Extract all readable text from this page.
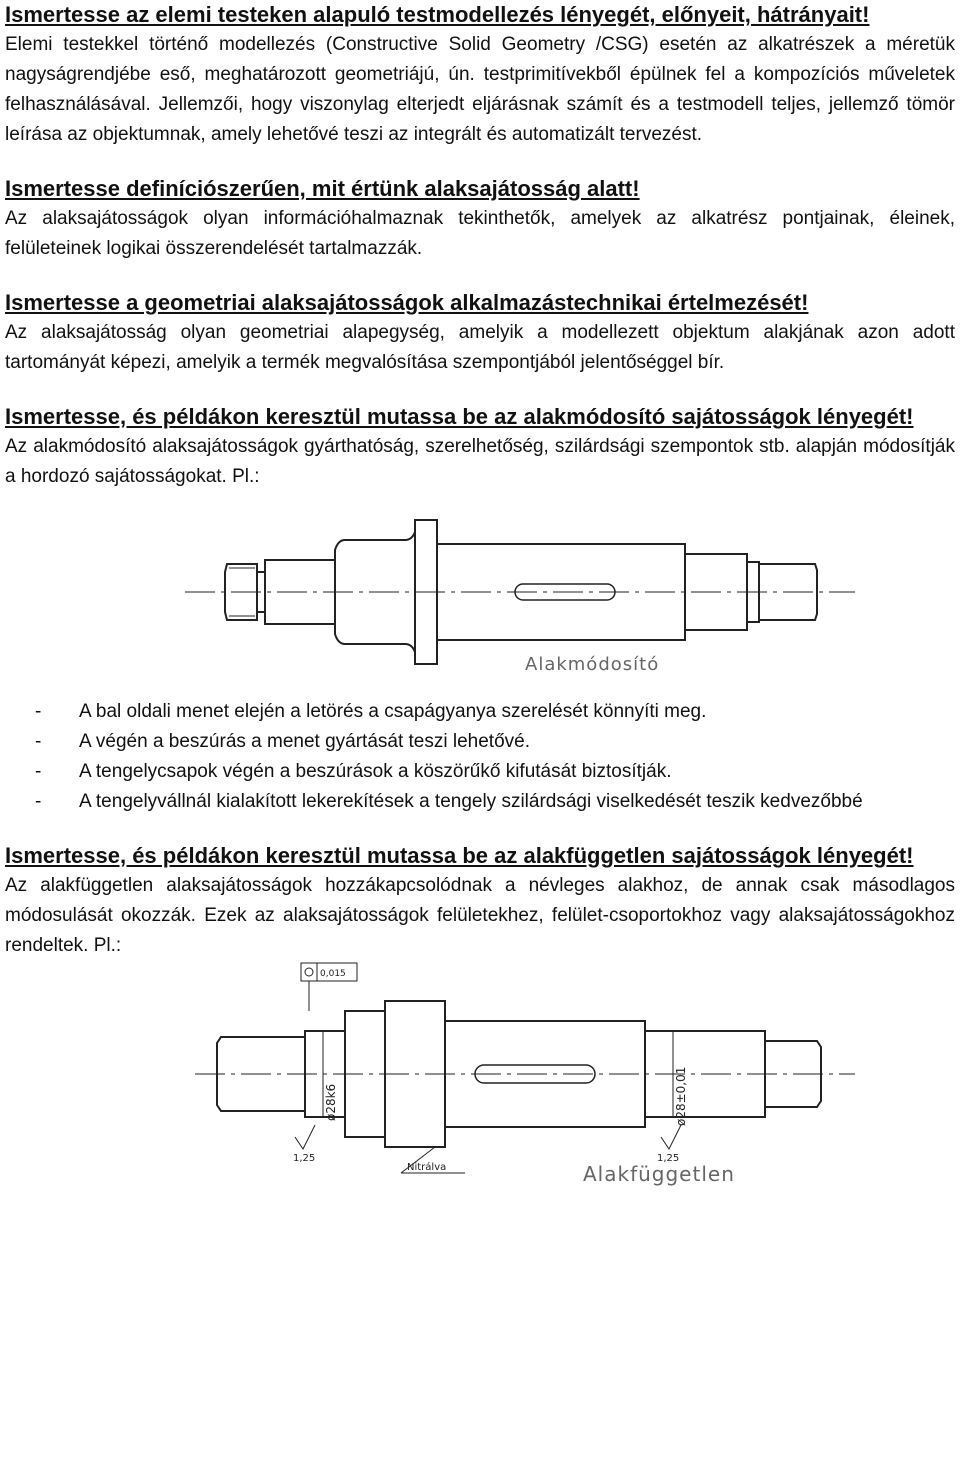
Ismertesse az elemi testeken alapuló testmodellezés lényegét, előnyeit, hátrányait!

Elemi testekkel történő modellezés (Constructive Solid Geometry /CSG) esetén az alkatrészek a méretük nagyságrendjébe eső, meghatározott geometriájú, ún. testprimitívekből épülnek fel a kompozíciós műveletek felhasználásával. Jellemzői, hogy viszonylag elterjedt eljárásnak számít és a testmodell teljes, jellemző tömör leírása az objektumnak, amely lehetővé teszi az integrált és automatizált tervezést.

Ismertesse definíciószerűen, mit értünk alaksajátosság alatt!

Az alaksajátosságok olyan információhalmaznak tekinthetők, amelyek az alkatrész pontjainak, éleinek, felületeinek logikai összerendelését tartalmazzák.

Ismertesse a geometriai alaksajátosságok alkalmazástechnikai értelmezését!

Az alaksajátosság olyan geometriai alapegység, amelyik a modellezett objektum alakjának azon adott tartományát képezi, amelyik a termék megvalósítása szempontjából jelentőséggel bír.

Ismertesse, és példákon keresztül mutassa be az alakmódosító sajátosságok lényegét!

Az alakmódosító alaksajátosságok gyárthatóság, szerelhetőség, szilárdsági szempontok stb. alapján módosítják a hordozó sajátosságokat. Pl.:

Alakmódosító
- A bal oldali menet elején a letörés a csapágyanya szerelését könnyíti meg.
- A végén a beszúrás a menet gyártását teszi lehetővé.
- A tengelycsapok végén a beszúrások a köszörűkő kifutását biztosítják.
- A tengelyvállnál kialakított lekerekítések a tengely szilárdsági viselkedését teszik kedvezőbbé

Ismertesse, és példákon keresztül mutassa be az alakfüggetlen sajátosságok lényegét!

Az alakfüggetlen alaksajátosságok hozzákapcsolódnak a névleges alakhoz, de annak csak másodlagos módosulását okozzák. Ezek az alaksajátosságok felületekhez, felület-csoportokhoz vagy alaksajátosságokhoz rendeltek. Pl.:

0,015
ø28k6	ø28±0,01
1,25	1,25
Nitrálva	Alakfüggetlen
